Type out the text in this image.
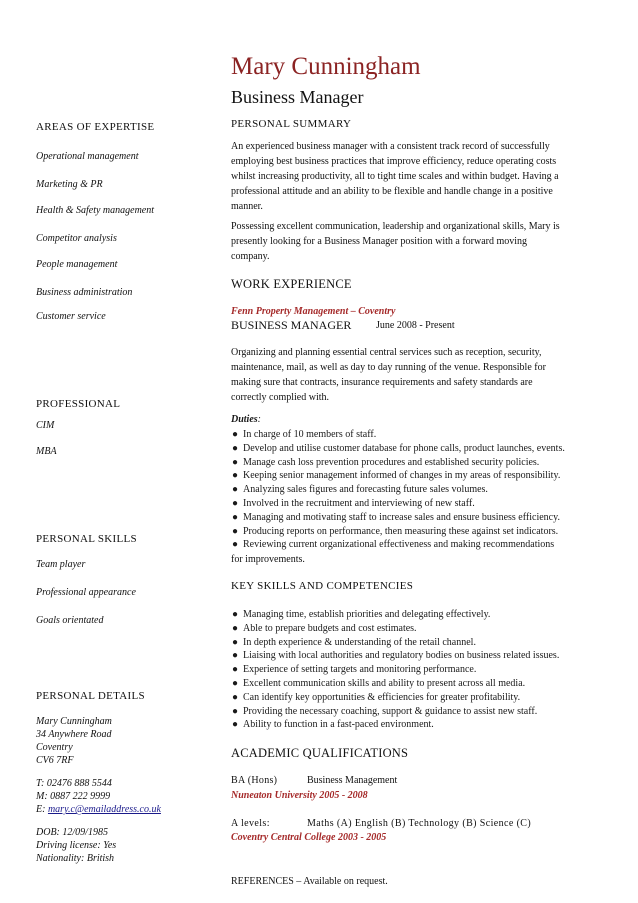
Mary Cunningham
Business Manager
AREAS OF EXPERTISE
Operational management
Marketing & PR
Health & Safety management
Competitor analysis
People management
Business administration
Customer service
PROFESSIONAL
CIM
MBA
PERSONAL SKILLS
Team player
Professional appearance
Goals orientated
PERSONAL DETAILS
Mary Cunningham
34 Anywhere Road
Coventry
CV6 7RF
T: 02476 888 5544
M: 0887 222 9999
E: mary.c@emailaddress.co.uk
DOB: 12/09/1985
Driving license: Yes
Nationality: British
PERSONAL SUMMARY
An experienced business manager with a consistent track record of successfully
employing best business practices that improve efficiency, reduce operating costs
whilst increasing productivity, all to tight time scales and within budget. Having a
professional attitude and an ability to be flexible and handle change in a positive
manner.
Possessing excellent communication, leadership and organizational skills, Mary is
presently looking for a Business Manager position with a forward moving
company.
WORK EXPERIENCE
Fenn Property Management – Coventry
BUSINESS MANAGER June 2008 - Present
Organizing and planning essential central services such as reception, security,
maintenance, mail, as well as day to day running of the venue. Responsible for
making sure that contracts, insurance requirements and safety standards are
correctly complied with.
Duties:
● In charge of 10 members of staff.
● Develop and utilise customer database for phone calls, product launches, events.
● Manage cash loss prevention procedures and established security policies.
● Keeping senior management informed of changes in my areas of responsibility.
● Analyzing sales figures and forecasting future sales volumes.
● Involved in the recruitment and interviewing of new staff.
● Managing and motivating staff to increase sales and ensure business efficiency.
● Producing reports on performance, then measuring these against set indicators.
● Reviewing current organizational effectiveness and making recommendations
for improvements.
KEY SKILLS AND COMPETENCIES
● Managing time, establish priorities and delegating effectively.
● Able to prepare budgets and cost estimates.
● In depth experience & understanding of the retail channel.
● Liaising with local authorities and regulatory bodies on business related issues.
● Experience of setting targets and monitoring performance.
● Excellent communication skills and ability to present across all media.
● Can identify key opportunities & efficiencies for greater profitability.
● Providing the necessary coaching, support & guidance to assist new staff.
● Ability to function in a fast-paced environment.
ACADEMIC QUALIFICATIONS
BA (Hons)	Business Management
Nuneaton University 2005 - 2008
A levels:	Maths (A) English (B) Technology (B) Science (C)
Coventry Central College 2003 - 2005
REFERENCES – Available on request.
